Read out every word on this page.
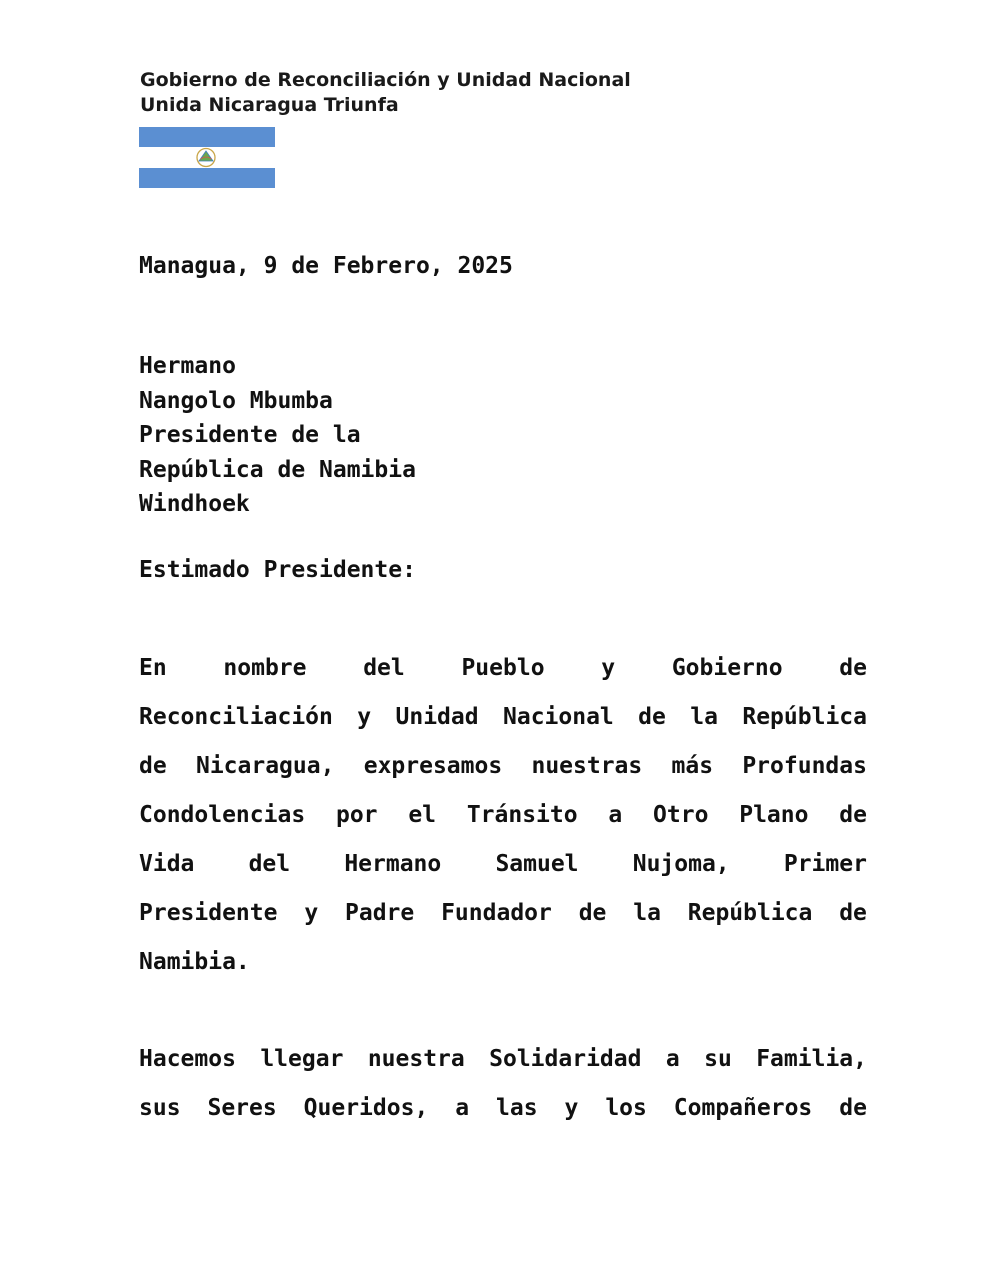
Gobierno de Reconciliación y Unidad Nacional
Unida Nicaragua Triunfa
Managua, 9 de Febrero, 2025
Hermano
Nangolo Mbumba
Presidente de la
República de Namibia
Windhoek
Estimado Presidente:
En nombre del Pueblo y Gobierno de
Reconciliación y Unidad Nacional de la República
de Nicaragua, expresamos nuestras más Profundas
Condolencias por el Tránsito a Otro Plano de
Vida del Hermano Samuel Nujoma, Primer
Presidente y Padre Fundador de la República de
Namibia.
Hacemos llegar nuestra Solidaridad a su Familia,
sus Seres Queridos, a las y los Compañeros de
